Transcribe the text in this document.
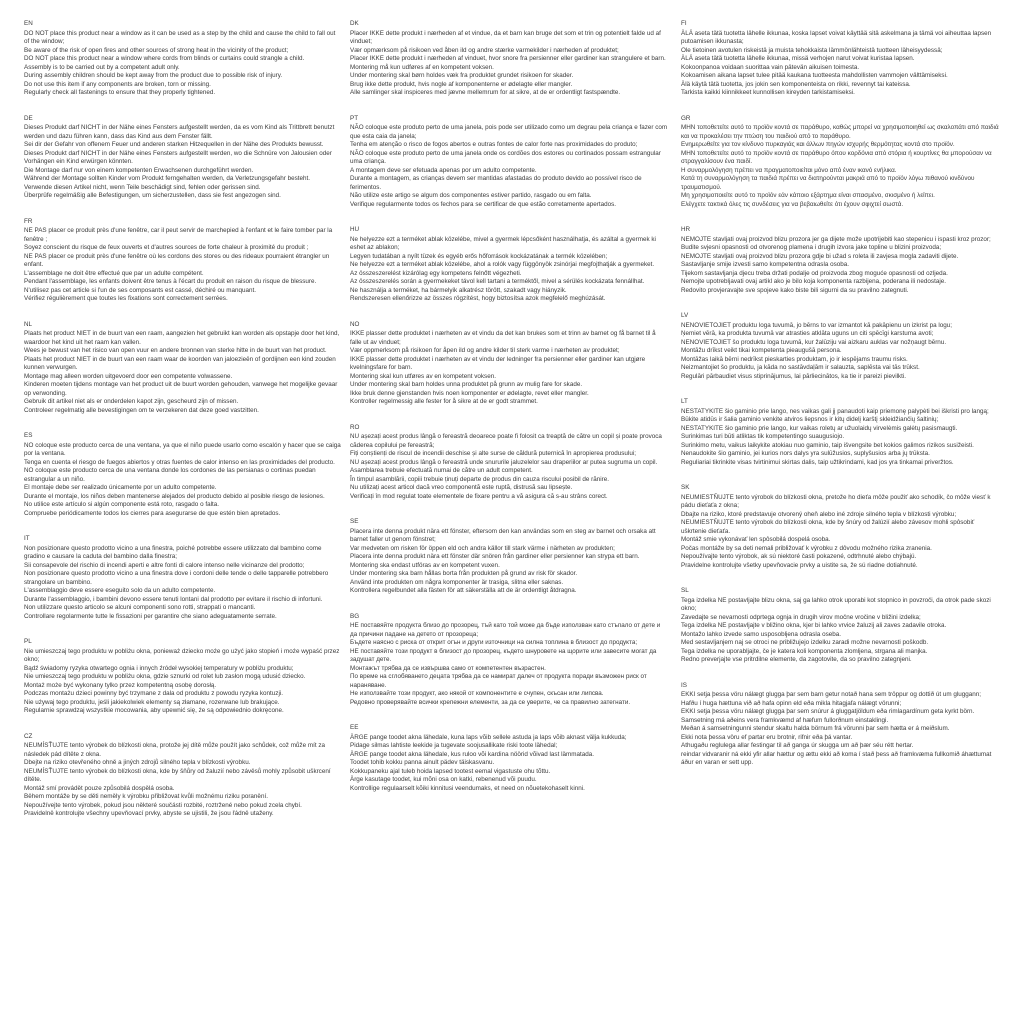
EN
DO NOT place this product near a window as it can be used as a step by the child and cause the child to fall out of the window;
Be aware of the risk of open fires and other sources of strong heat in the vicinity of the product;
DO NOT place this product near a window where cords from blinds or curtains could strangle a child.
Assembly is to be carried out by a competent adult only.
During assembly children should be kept away from the product due to possible risk of injury.
Do not use this item if any components are broken, torn or missing.
Regularly check all fastenings to ensure that they properly tightened.
DE
Dieses Produkt darf NICHT in der Nähe eines Fensters aufgestellt werden, da es vom Kind als Trittbrett benutzt werden und dazu führen kann, dass das Kind aus dem Fenster fällt.
Sei dir der Gefahr von offenem Feuer und anderen starken Hitzequellen in der Nähe des Produkts bewusst.
Dieses Produkt darf NICHT in der Nähe eines Fensters aufgestellt werden, wo die Schnüre von Jalousien oder Vorhängen ein Kind erwürgen könnten.
Die Montage darf nur von einem kompetenten Erwachsenen durchgeführt werden.
Während der Montage sollten Kinder vom Produkt ferngehalten werden, da Verletzungsgefahr besteht.
Verwende diesen Artikel nicht, wenn Teile beschädigt sind, fehlen oder gerissen sind.
Überprüfe regelmäßig alle Befestigungen, um sicherzustellen, dass sie fest angezogen sind.
FR
NE PAS placer ce produit près d'une fenêtre, car il peut servir de marchepied à l'enfant et le faire tomber par la fenêtre ;
Soyez conscient du risque de feux ouverts et d'autres sources de forte chaleur à proximité du produit ;
NE PAS placer ce produit près d'une fenêtre où les cordons des stores ou des rideaux pourraient étrangler un enfant.
L'assemblage ne doit être effectué que par un adulte compétent.
Pendant l'assemblage, les enfants doivent être tenus à l'écart du produit en raison du risque de blessure.
N'utilisez pas cet article si l'un de ses composants est cassé, déchiré ou manquant.
Vérifiez régulièrement que toutes les fixations sont correctement serrées.
NL
Plaats het product NIET in de buurt van een raam, aangezien het gebruikt kan worden als opstapje door het kind, waardoor het kind uit het raam kan vallen.
Wees je bewust van het risico van open vuur en andere bronnen van sterke hitte in de buurt van het product.
Plaats het product NIET in de buurt van een raam waar de koorden van jaloezieën of gordijnen een kind zouden kunnen verwurgen.
Montage mag alleen worden uitgevoerd door een competente volwassene.
Kinderen moeten tijdens montage van het product uit de buurt worden gehouden, vanwege het mogelijke gevaar op verwonding.
Gebruik dit artikel niet als er onderdelen kapot zijn, gescheurd zijn of missen.
Controleer regelmatig alle bevestigingen om te verzekeren dat deze goed vastzitten.
ES
NO coloque este producto cerca de una ventana, ya que el niño puede usarlo como escalón y hacer que se caiga por la ventana.
Tenga en cuenta el riesgo de fuegos abiertos y otras fuentes de calor intenso en las proximidades del producto.
NO coloque este producto cerca de una ventana donde los cordones de las persianas o cortinas puedan estrangular a un niño.
El montaje debe ser realizado únicamente por un adulto competente.
Durante el montaje, los niños deben mantenerse alejados del producto debido al posible riesgo de lesiones.
No utilice este artículo si algún componente está roto, rasgado o falta.
Compruebe periódicamente todos los cierres para asegurarse de que estén bien apretados.
IT
Non posizionare questo prodotto vicino a una finestra, poiché potrebbe essere utilizzato dal bambino come gradino e causare la caduta del bambino dalla finestra;
Sii consapevole del rischio di incendi aperti e altre fonti di calore intenso nelle vicinanze del prodotto;
Non posizionare questo prodotto vicino a una finestra dove i cordoni delle tende o delle tapparelle potrebbero strangolare un bambino.
L'assemblaggio deve essere eseguito solo da un adulto competente.
Durante l'assemblaggio, i bambini devono essere tenuti lontani dal prodotto per evitare il rischio di infortuni.
Non utilizzare questo articolo se alcuni componenti sono rotti, strappati o mancanti.
Controllare regolarmente tutte le fissazioni per garantire che siano adeguatamente serrate.
PL
Nie umieszczaj tego produktu w pobliżu okna, ponieważ dziecko może go użyć jako stopień i może wypaść przez okno;
Bądź świadomy ryzyka otwartego ognia i innych źródeł wysokiej temperatury w pobliżu produktu;
Nie umieszczaj tego produktu w pobliżu okna, gdzie sznurki od rolet lub zasłon mogą udusić dziecko.
Montaż może być wykonany tylko przez kompetentną osobę dorosłą.
Podczas montażu dzieci powinny być trzymane z dala od produktu z powodu ryzyka kontuzji.
Nie używaj tego produktu, jeśli jakiekolwiek elementy są złamane, rozerwane lub brakujące.
Regularnie sprawdzaj wszystkie mocowania, aby upewnić się, że są odpowiednio dokręcone.
CZ
NEUMÍSŤUJTE tento výrobek do blízkosti okna, protože jej dítě může použít jako schůdek, což může mít za následek pád dítěte z okna.
Dbejte na riziko otevřeného ohně a jiných zdrojů silného tepla v blízkosti výrobku.
NEUMÍSŤUJTE tento výrobek do blízkosti okna, kde by šňůry od žaluzií nebo závěsů mohly způsobit uškrcení dítěte.
Montáž smí provádět pouze způsobilá dospělá osoba.
Během montáže by se děti neměly k výrobku přibližovat kvůli možnému riziku poranění.
Nepoužívejte tento výrobek, pokud jsou některé součásti rozbité, roztržené nebo pokud zcela chybí.
Pravidelně kontrolujte všechny upevňovací prvky, abyste se ujistili, že jsou řádně utaženy.
DK
Placer IKKE dette produkt i nærheden af et vindue, da et barn kan bruge det som et trin og potentielt falde ud af vinduet;
Vær opmærksom på risikoen ved åben ild og andre stærke varmekilder i nærheden af produktet;
Placer IKKE dette produkt i nærheden af vinduet, hvor snore fra persienner eller gardiner kan strangulere et barn.
Montering må kun udføres af en kompetent voksen.
Under montering skal børn holdes væk fra produktet grundet risikoen for skader.
Brug ikke dette produkt, hvis nogle af komponenterne er ødelagte eller mangler.
Alle samlinger skal inspiceres med jævne mellemrum for at sikre, at de er ordentligt fastspændte.
PT
NÃO coloque este produto perto de uma janela, pois pode ser utilizado como um degrau pela criança e fazer com que esta caia da janela;
Tenha em atenção o risco de fogos abertos e outras fontes de calor forte nas proximidades do produto;
NÃO coloque este produto perto de uma janela onde os cordões dos estores ou cortinados possam estrangular uma criança.
A montagem deve ser efetuada apenas por um adulto competente.
Durante a montagem, as crianças devem ser mantidas afastadas do produto devido ao possível risco de ferimentos.
Não utilize este artigo se algum dos componentes estiver partido, rasgado ou em falta.
Verifique regularmente todos os fechos para se certificar de que estão corretamente apertados.
HU
Ne helyezze ezt a terméket ablak közelébe, mivel a gyermek lépcsőként használhatja, és azáltal a gyermek ki eshet az ablakon;
Legyen tudatában a nyílt tüzek és egyéb erős hőforrások kockázatának a termék közelében;
Ne helyezze ezt a terméket ablak közelébe, ahol a rolók vagy függönyök zsinórjai megfojthatják a gyermeket.
Az összeszerelést kizárólag egy kompetens felnőtt végezheti.
Az összeszerelés során a gyermekeket távol kell tartani a terméktől, mivel a sérülés kockázata fennállhat.
Ne használja a terméket, ha bármelyik alkatrész törött, szakadt vagy hiányzik.
Rendszeresen ellenőrizze az összes rögzítést, hogy biztosítsa azok megfelelő meghúzását.
NO
IKKE plasser dette produktet i nærheten av et vindu da det kan brukes som et trinn av barnet og få barnet til å falle ut av vinduet;
Vær oppmerksom på risikoen for åpen ild og andre kilder til sterk varme i nærheten av produktet;
IKKE plasser dette produktet i nærheten av et vindu der ledninger fra persienner eller gardiner kan utgjøre kvelningsfare for barn.
Montering skal kun utføres av en kompetent voksen.
Under montering skal barn holdes unna produktet på grunn av mulig fare for skade.
Ikke bruk denne gjenstanden hvis noen komponenter er ødelagte, revet eller mangler.
Kontroller regelmessig alle fester for å sikre at de er godt strammet.
RO
NU așezați acest produs lângă o fereastră deoarece poate fi folosit ca treaptă de către un copil și poate provoca căderea copilului pe fereastră;
Fiți conștienți de riscul de incendii deschise și alte surse de căldură puternică în apropierea produsului;
NU așezați acest produs lângă o fereastră unde snururile jaluzelelor sau draperiilor ar putea sugruma un copil.
Asamblarea trebuie efectuată numai de către un adult competent.
În timpul asamblării, copiii trebuie ținuți departe de produs din cauza riscului posibil de rănire.
Nu utilizați acest articol dacă vreo componentă este ruptă, distrusă sau lipsește.
Verificați în mod regulat toate elementele de fixare pentru a vă asigura că s-au strâns corect.
SE
Placera inte denna produkt nära ett fönster, eftersom den kan användas som en steg av barnet och orsaka att barnet faller ut genom fönstret;
Var medveten om risken för öppen eld och andra källor till stark värme i närheten av produkten;
Placera inte denna produkt nära ett fönster där snören från gardiner eller persienner kan strypa ett barn.
Montering ska endast utföras av en kompetent vuxen.
Under montering ska barn hållas borta från produkten på grund av risk för skador.
Använd inte produkten om några komponenter är trasiga, slitna eller saknas.
Kontrollera regelbundet alla fästen för att säkerställa att de är ordentligt åtdragna.
BG
НЕ поставяйте продукта близо до прозорец, тъй като той може да бъде използван като стъпало от дете и да причини падане на детето от прозореца;
Бъдете наясно с риска от открит огън и други източници на силна топлина в близост до продукта;
НЕ поставяйте този продукт в близост до прозорец, където шнуровете на щорите или завесите могат да задушат дете.
Монтажът трябва да се извършва само от компетентен възрастен.
По време на сглобяването децата трябва да се намират далеч от продукта поради възможен риск от нараняване.
Не използвайте този продукт, ако някой от компонентите е счупен, скъсан или липсва.
Редовно проверявайте всички крепежни елементи, за да се уверите, че са правилно затегнати.
EE
ÄRGE pange toodet akna lähedale, kuna laps võib sellele astuda ja laps võib aknast välja kukkuda;
Pidage silmas lahtiste leekide ja tugevate soojusallikate riski toote lähedal;
ÄRGE pange toodet akna lähedale, kus ruloo või kardina nöörid võivad last lämmatada.
Toodet tohib kokku panna ainult pädev täiskasvanu.
Kokkupaneku ajal tuleb hoida lapsed tootest eemal vigastuste ohu tõttu.
Ärge kasutage toodet, kui mõni osa on katki, rebenenud või puudu.
Kontrollige regulaarselt kõiki kinnitusi veendumaks, et need on nõuetekohaselt kinni.
FI
ÄLÄ aseta tätä tuotetta lähelle ikkunaa, koska lapset voivat käyttää sitä askelmana ja tämä voi aiheuttaa lapsen putoamisen ikkunasta;
Ole tietoinen avotulen riskeistä ja muista tehokkaista lämmönlähteistä tuotteen läheisyydessä;
ÄLÄ aseta tätä tuotetta lähelle ikkunaa, missä verhojen narut voivat kuristaa lapsen.
Kokoonpanoa voidaan suorittaa vain pätevän aikuisen toimesta.
Kokoamisen aikana lapset tulee pitää kaukana tuotteesta mahdollisten vammojen välttämiseksi.
Älä käytä tätä tuotetta, jos jokin sen komponenteista on rikki, revennyt tai kateissa.
Tarkista kaikki kiinnikkeet kunnollisen kireyden tarkistamiseksi.
GR
ΜΗΝ τοποθετείτε αυτό το προϊόν κοντά σε παράθυρο, καθώς μπορεί να χρησιμοποιηθεί ως σκαλοπάτι από παιδιά και να προκαλέσει την πτώση του παιδιού από το παράθυρο.
Ενημερωθείτε για τον κίνδυνο πυρκαγιάς και άλλων πηγών ισχυρής θερμότητας κοντά στο προϊόν.
ΜΗΝ τοποθετείτε αυτό το προϊόν κοντά σε παράθυρο όπου κορδόνια από στόρια ή κουρτίνες θα μπορούσαν να στραγγαλίσουν ένα παιδί.
Η συναρμολόγηση πρέπει να πραγματοποιείται μόνο από έναν ικανό ενήλικα.
Κατά τη συναρμολόγηση τα παιδιά πρέπει να διατηρούνται μακριά από το προϊόν λόγω πιθανού κινδύνου τραυματισμού.
Μη χρησιμοποιείτε αυτό το προϊόν εάν κάποιο εξάρτημα είναι σπασμένο, σκισμένο ή λείπει.
Ελέγχετε τακτικά όλες τις συνδέσεις για να βεβαιωθείτε ότι έχουν σφιχτεί σωστά.
HR
NEMOJTE stavljati ovaj proizvod blizu prozora jer ga dijete može upotrijebiti kao stepenicu i ispasti kroz prozor;
Budite svjesni opasnosti od otvorenog plamena i drugih izvora jake topline u blizini proizvoda;
NEMOJTE stavljati ovaj proizvod blizu prozora gdje bi užad s roleta ili zavjesa mogla zadaviti dijete.
Sastavljanje smije izvesti samo kompetentna odrasla osoba.
Tijekom sastavljanja djecu treba držati podalje od proizvoda zbog moguće opasnosti od ozljeda.
Nemojte upotrebljavati ovaj artikl ako je bilo koja komponenta razbijena, poderana ili nedostaje.
Redovito provjeravajte sve spojeve kako biste bili sigurni da su pravilno zategnuti.
LV
NENOVIETOJIET produktu loga tuvumā, jo bērns to var izmantot kā pakāpienu un izkrist pa logu;
Ņemiet vērā, ka produkta tuvumā var atrasties atklāta uguns un citi spēcīgi karstuma avoti;
NENOVIETOJIET šo produktu loga tuvumā, kur žalūziju vai aizkaru auklas var nožņaugt bērnu.
Montāžu drīkst veikt tikai kompetenta pieaugušā persona.
Montāžas laikā bērni nedrīkst pieskarties produktam, jo ir iespējams traumu risks.
Neizmantojiet šo produktu, ja kāda no sastāvdaļām ir salauzta, saplēsta vai tās trūkst.
Regulāri pārbaudiet visus stiprinājumus, lai pārliecinātos, ka tie ir pareizi pievilkti.
LT
NESTATYKITE šio gaminio prie lango, nes vaikas gali jį panaudoti kaip priemonę palypėti bei iškristi pro langą;
Būkite atidūs ir šalia gaminio venkite atviros liepsnos ir kitų didelį karštį skleidžiančių šaltinių;
NESTATYKITE šio gaminio prie lango, kur vaikas roletų ar užuolaidų virvelėmis galėtų pasismaugti.
Surinkimas turi būti atliktas tik kompetentingo suaugusiojo.
Surinkimo metu, vaikus laikykite atokiau nuo gaminio, taip išvengsite bet kokios galimos rizikos susižeisti.
Nenaudokite šio gaminio, jei kurios nors dalys yra sulūžusios, suplyšusios arba jų trūksta.
Reguliariai tikrinkite visas tvirtinimui skirtas dalis, taip užtikrindami, kad jos yra tinkamai priveržtos.
SK
NEUMIESTŇUJTE tento výrobok do blízkosti okna, pretože ho dieťa môže použiť ako schodík, čo môže viesť k pádu dieťaťa z okna;
Dbajte na riziko, ktoré predstavuje otvorený oheň alebo iné zdroje silného tepla v blízkosti výrobku;
NEUMIESTŇUJTE tento výrobok do blízkosti okna, kde by šnúry od žalúzií alebo závesov mohli spôsobiť uškrtenie dieťaťa.
Montáž smie vykonávať len spôsobilá dospelá osoba.
Počas montáže by sa deti nemali približovať k výrobku z dôvodu možného rizika zranenia.
Nepoužívajte tento výrobok, ak sú niektoré časti pokazené, odtrhnuté alebo chýbajú.
Pravidelne kontrolujte všetky upevňovacie prvky a uistite sa, že sú riadne dotiahnuté.
SL
Tega izdelka NE postavljajte blizu okna, saj ga lahko otrok uporabi kot stopnico in povzroči, da otrok pade skozi okno;
Zavedajte se nevarnosti odprtega ognja in drugih virov močne vročine v bližini izdelka;
Tega izdelka NE postavljajte v bližino okna, kjer bi lahko vrvice žaluzij ali zaves zadavile otroka.
Montažo lahko izvede samo usposobljena odrasla oseba.
Med sestavljanjem naj se otroci ne približujejo izdelku zaradi možne nevarnosti poškodb.
Tega izdelka ne uporabljajte, če je katera koli komponenta zlomljena, strgana ali manjka.
Redno preverjajte vse pritrdilne elemente, da zagotovite, da so pravilno zategnjeni.
IS
EKKI setja þessa vöru nálægt glugga þar sem barn getur notað hana sem tröppur og dottið út um gluggann;
Hafðu í huga hættuna við að hafa opinn eld eða mikla hitagjafa nálægt vörunni;
EKKI setja þessa vöru nálægt glugga þar sem snúrur á gluggatjöldum eða rimlagardínum geta kyrkt börn.
Samsetning má aðeins vera framkvæmd af hæfum fullorðnum einstaklingi.
Meðan á samsetningunni stendur skaltu halda börnum frá vörunni þar sem hætta er á meiðslum.
Ekki nota þessa vöru ef partar eru brotnir, rifnir eða þá vantar.
Athugaðu reglulega allar festingar til að ganga úr skugga um að þær séu rétt hertar.
reindar vidvaranir ná ekki yfir allar hættur og ættu ekki að koma í stað þess að framkvæma fullkomið áhættumat áður en varan er sett upp.
